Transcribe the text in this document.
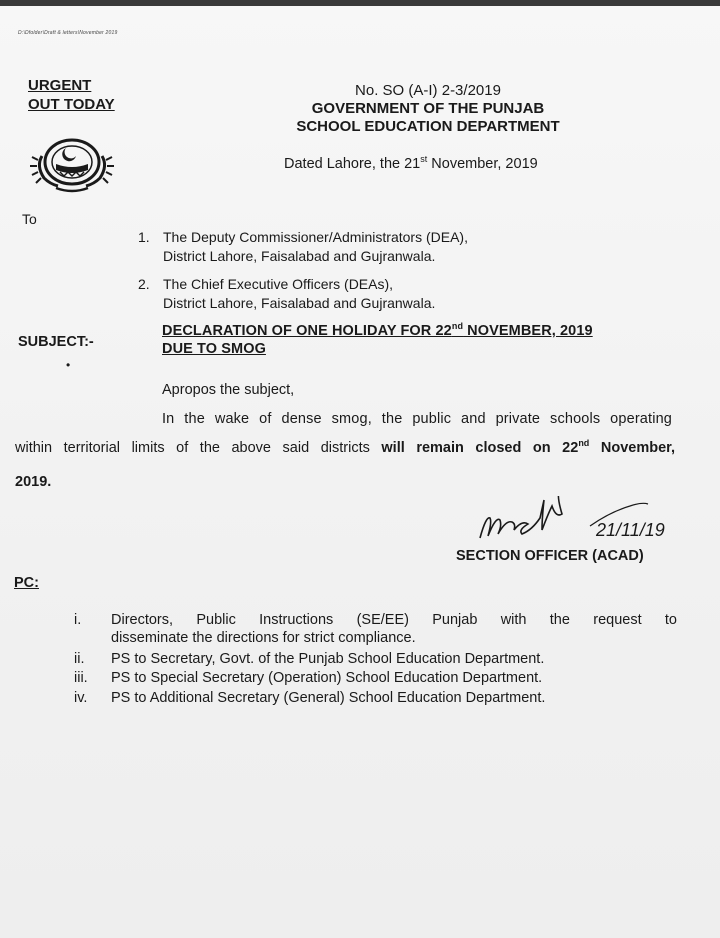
D:\Dfolder\Draft & letters\November 2019
URGENT
OUT TODAY
No. SO (A-I) 2-3/2019
GOVERNMENT OF THE PUNJAB
SCHOOL EDUCATION DEPARTMENT
Dated Lahore, the 21st November, 2019
To
1. The Deputy Commissioner/Administrators (DEA),
District Lahore, Faisalabad and Gujranwala.
2. The Chief Executive Officers (DEAs),
District Lahore, Faisalabad and Gujranwala.
SUBJECT:-
DECLARATION OF ONE HOLIDAY FOR 22nd NOVEMBER, 2019
DUE TO SMOG
•
Apropos the subject,
In the wake of dense smog, the public and private schools operating
within territorial limits of the above said districts will remain closed on 22nd November,
2019.
21/11/19
SECTION OFFICER (ACAD)
PC:
i.	Directors, Public Instructions (SE/EE) Punjab with the request to
disseminate the directions for strict compliance.
ii.	PS to Secretary, Govt. of the Punjab School Education Department.
iii.	PS to Special Secretary (Operation) School Education Department.
iv.	PS to Additional Secretary (General) School Education Department.
